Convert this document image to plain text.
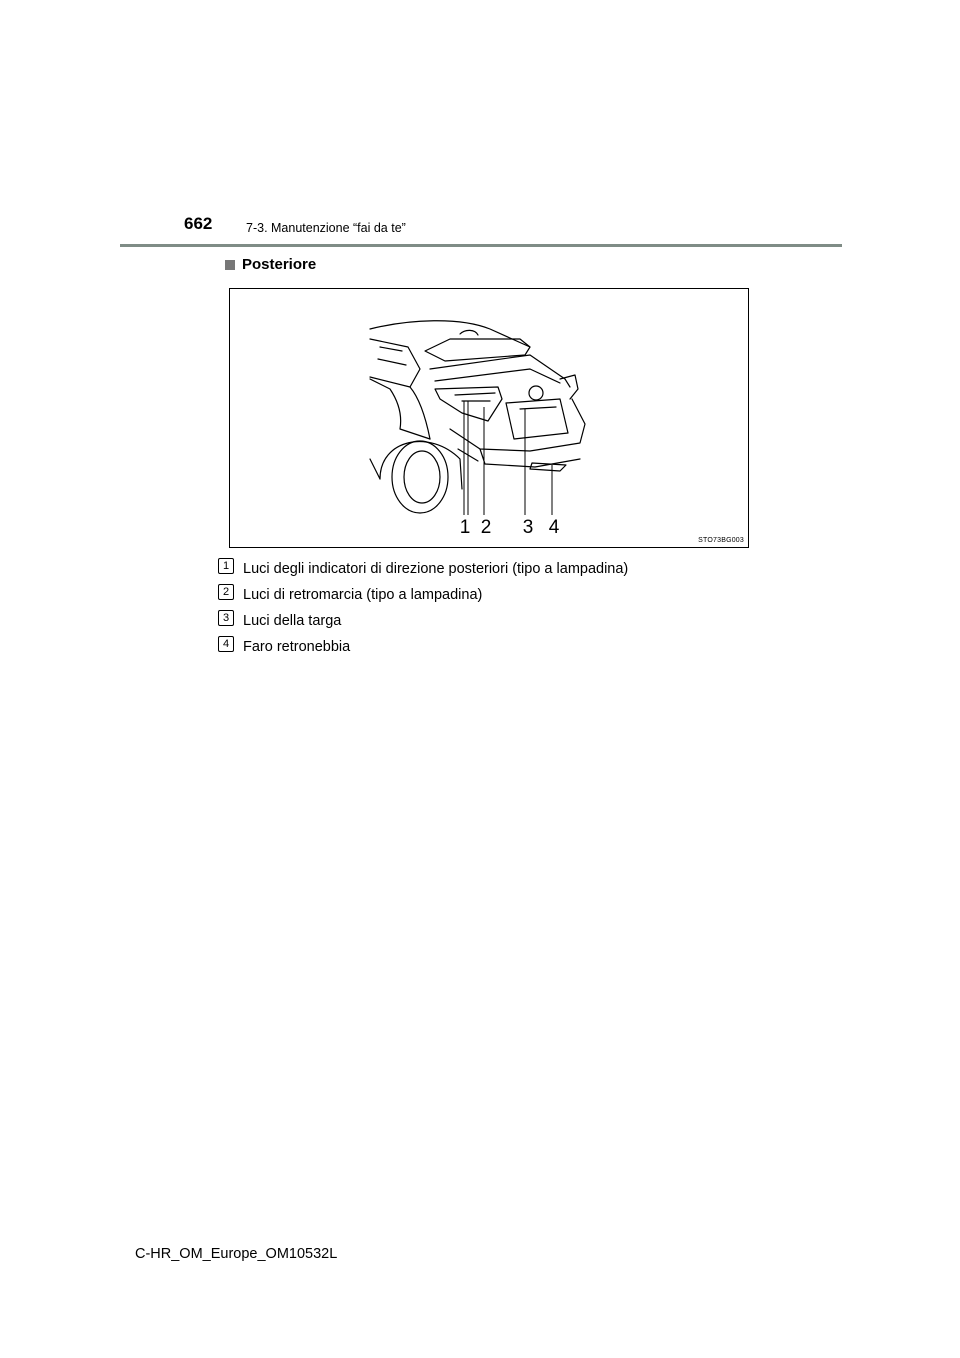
662	7-3. Manutenzione “fai da te”
Posteriore
1 2 3 4
STO73BG003
1 Luci degli indicatori di direzione posteriori (tipo a lampadina)
2 Luci di retromarcia (tipo a lampadina)
3 Luci della targa
4 Faro retronebbia
C-HR_OM_Europe_OM10532L
